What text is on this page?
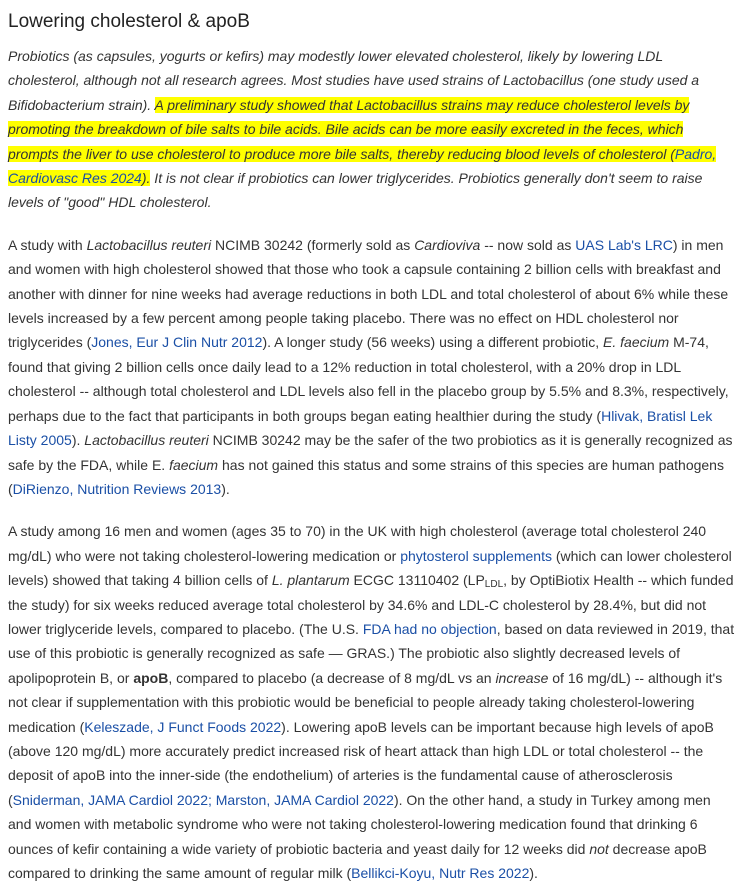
Lowering cholesterol & apoB

Probiotics (as capsules, yogurts or kefirs) may modestly lower elevated cholesterol, likely by lowering LDL cholesterol, although not all research agrees. Most studies have used strains of Lactobacillus (one study used a Bifidobacterium strain). A preliminary study showed that Lactobacillus strains may reduce cholesterol levels by promoting the breakdown of bile salts to bile acids. Bile acids can be more easily excreted in the feces, which prompts the liver to use cholesterol to produce more bile salts, thereby reducing blood levels of cholesterol (Padro, Cardiovasc Res 2024). It is not clear if probiotics can lower triglycerides. Probiotics generally don't seem to raise levels of "good" HDL cholesterol.

A study with Lactobacillus reuteri NCIMB 30242 (formerly sold as Cardioviva -- now sold as UAS Lab's LRC) in men and women with high cholesterol showed that those who took a capsule containing 2 billion cells with breakfast and another with dinner for nine weeks had average reductions in both LDL and total cholesterol of about 6% while these levels increased by a few percent among people taking placebo. There was no effect on HDL cholesterol nor triglycerides (Jones, Eur J Clin Nutr 2012). A longer study (56 weeks) using a different probiotic, E. faecium M-74, found that giving 2 billion cells once daily lead to a 12% reduction in total cholesterol, with a 20% drop in LDL cholesterol -- although total cholesterol and LDL levels also fell in the placebo group by 5.5% and 8.3%, respectively, perhaps due to the fact that participants in both groups began eating healthier during the study (Hlivak, Bratisl Lek Listy 2005). Lactobacillus reuteri NCIMB 30242 may be the safer of the two probiotics as it is generally recognized as safe by the FDA, while E. faecium has not gained this status and some strains of this species are human pathogens (DiRienzo, Nutrition Reviews 2013).

A study among 16 men and women (ages 35 to 70) in the UK with high cholesterol (average total cholesterol 240 mg/dL) who were not taking cholesterol-lowering medication or phytosterol supplements (which can lower cholesterol levels) showed that taking 4 billion cells of L. plantarum ECGC 13110402 ($LP_{LDL}$, by OptiBiotix Health -- which funded the study) for six weeks reduced average total cholesterol by 34.6% and LDL-C cholesterol by 28.4%, but did not lower triglyceride levels, compared to placebo. (The U.S. FDA had no objection, based on data reviewed in 2019, that use of this probiotic is generally recognized as safe — GRAS.) The probiotic also slightly decreased levels of apolipoprotein B, or apoB, compared to placebo (a decrease of 8 mg/dL vs an increase of 16 mg/dL) -- although it's not clear if supplementation with this probiotic would be beneficial to people already taking cholesterol-lowering medication (Keleszade, J Funct Foods 2022). Lowering apoB levels can be important because high levels of apoB (above 120 mg/dL) more accurately predict increased risk of heart attack than high LDL or total cholesterol -- the deposit of apoB into the inner-side (the endothelium) of arteries is the fundamental cause of atherosclerosis (Sniderman, JAMA Cardiol 2022; Marston, JAMA Cardiol 2022). On the other hand, a study in Turkey among men and women with metabolic syndrome who were not taking cholesterol-lowering medication found that drinking 6 ounces of kefir containing a wide variety of probiotic bacteria and yeast daily for 12 weeks did not decrease apoB compared to drinking the same amount of regular milk (Bellikci-Koyu, Nutr Res 2022).
